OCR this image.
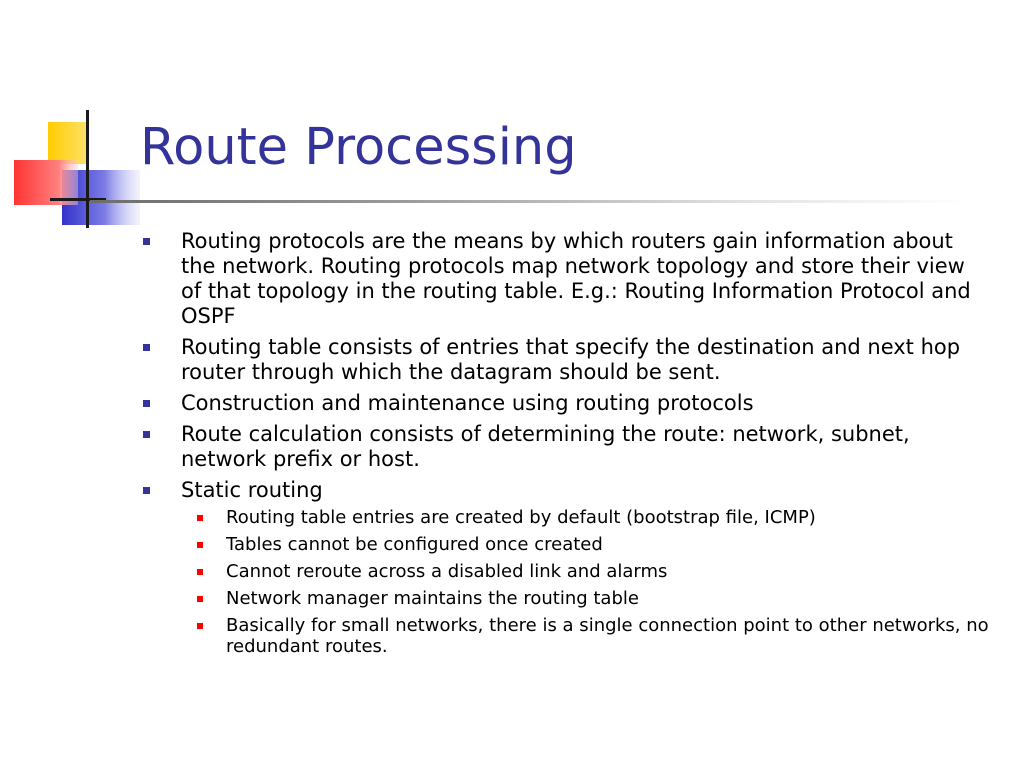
Route Processing
Routing protocols are the means by which routers gain information about the network. Routing protocols map network topology and store their view of that topology in the routing table. E.g.: Routing Information Protocol and OSPF
Routing table consists of entries that specify the destination and next hop router through which the datagram should be sent.
Construction and maintenance using routing protocols
Route calculation consists of determining the route: network, subnet, network prefix or host.
Static routing
Routing table entries are created by default (bootstrap file, ICMP)
Tables cannot be configured once created
Cannot reroute across a disabled link and alarms
Network manager maintains the routing table
Basically for small networks, there is a single connection point to other networks, no redundant routes.
